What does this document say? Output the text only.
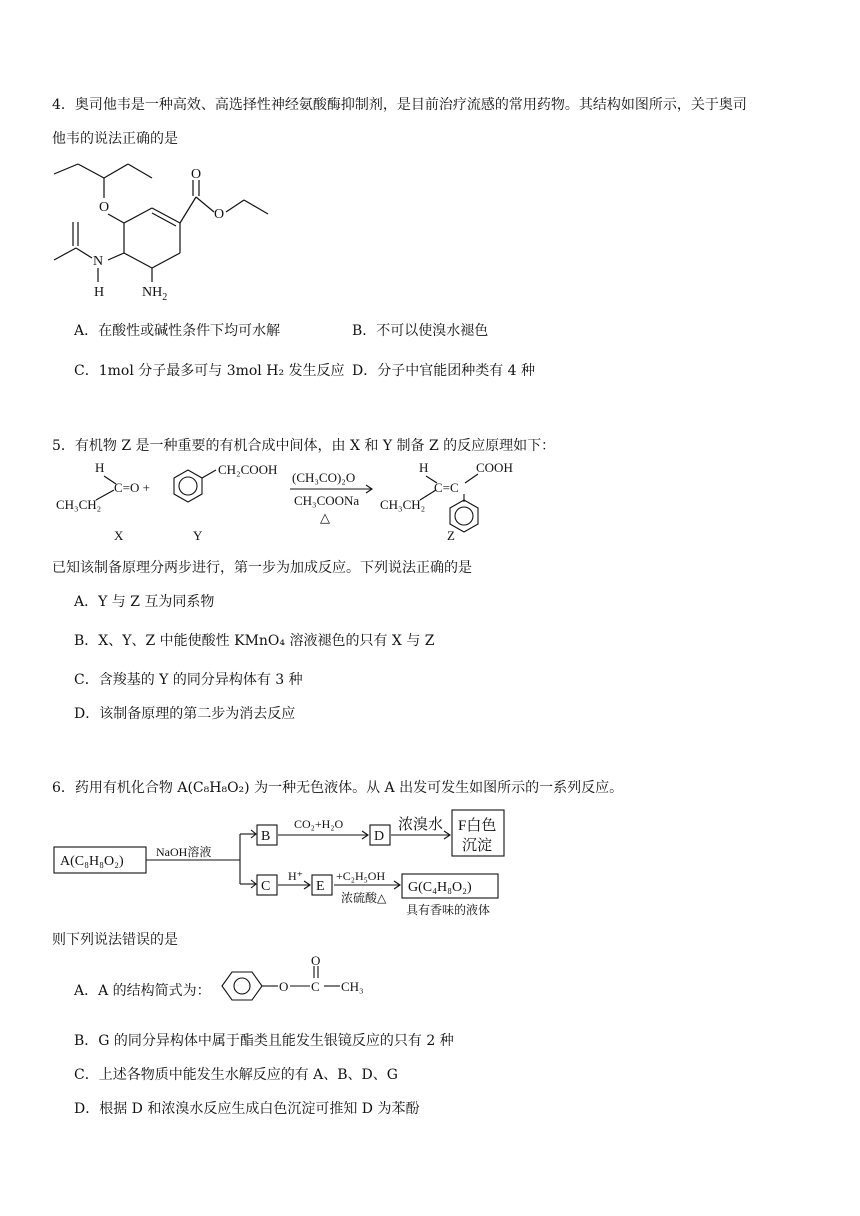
4．奥司他韦是一种高效、高选择性神经氨酸酶抑制剂，是目前治疗流感的常用药物。其结构如图所示，关于奥司
他韦的说法正确的是
O
O
O
N
H	$NH_2$
A．在酸性或碱性条件下均可水解	B．不可以使溴水褪色
C．1mol 分子最多可与 3mol H₂ 发生反应 D．分子中官能团种类有 4 种
5．有机物 Z 是一种重要的有机合成中间体，由 X 和 Y 制备 Z 的反应原理如下：
H
C=O +
CH₃CH₂
CH₂COOH
(CH₃CO)₂O
CH₃COONa
△
H	COOH
C=C
CH₃CH₂
X	Y	Z
已知该制备原理分两步进行，第一步为加成反应。下列说法正确的是
A．Y 与 Z 互为同系物
B．X、Y、Z 中能使酸性 KMnO₄ 溶液褪色的只有 X 与 Z
C．含羧基的 Y 的同分异构体有 3 种
D．该制备原理的第二步为消去反应
6．药用有机化合物 A(C₈H₈O₂) 为一种无色液体。从 A 出发可发生如图所示的一系列反应。
A(C₈H₈O₂)
NaOH溶液
B
CO₂+H₂O
D
浓溴水 F白色
沉淀
C
H⁺
E
+C₂H₅OH
浓硫酸△
G(C₄H₈O₂)
具有香味的液体
则下列说法错误的是
A．A 的结构简式为：
O
C
O	CH₃
B．G 的同分异构体中属于酯类且能发生银镜反应的只有 2 种
C．上述各物质中能发生水解反应的有 A、B、D、G
D．根据 D 和浓溴水反应生成白色沉淀可推知 D 为苯酚
